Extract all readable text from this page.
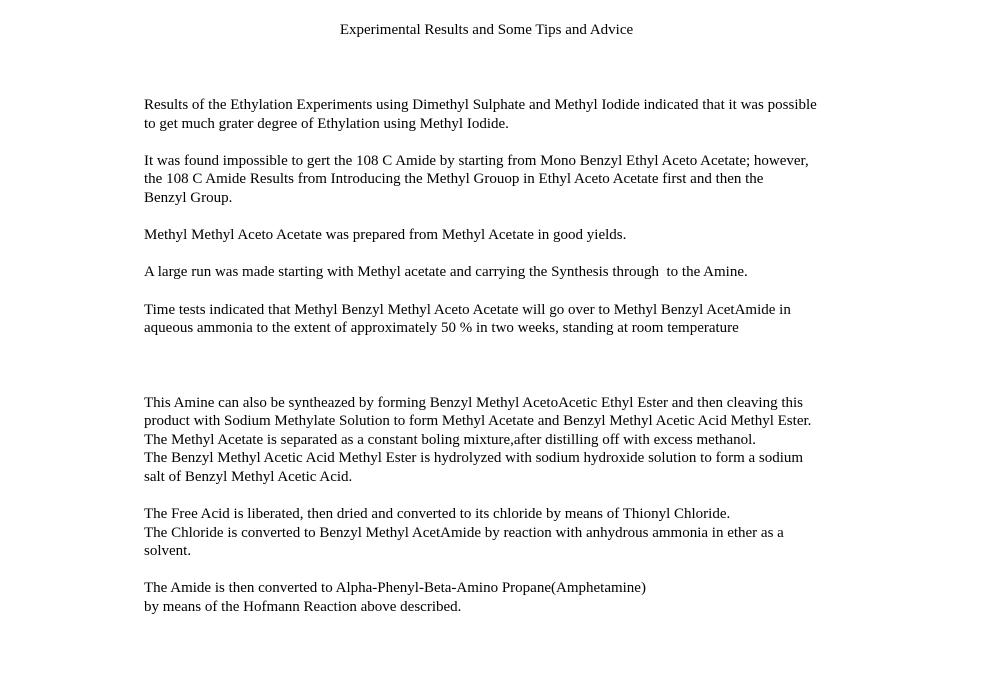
Experimental Results and Some Tips and Advice
Results of the Ethylation Experiments using Dimethyl Sulphate and Methyl Iodide indicated that it was possible
to get much grater degree of Ethylation using Methyl Iodide.
It was found impossible to gert the 108 C Amide by starting from Mono Benzyl Ethyl Aceto Acetate; however,
the 108 C Amide Results from Introducing the Methyl Grouop in Ethyl Aceto Acetate first and then the
Benzyl Group.
Methyl Methyl Aceto Acetate was prepared from Methyl Acetate in good yields.
A large run was made starting with Methyl acetate and carrying the Synthesis through  to the Amine.
Time tests indicated that Methyl Benzyl Methyl Aceto Acetate will go over to Methyl Benzyl AcetAmide in
aqueous ammonia to the extent of approximately 50 % in two weeks, standing at room temperature
This Amine can also be syntheazed by forming Benzyl Methyl AcetoAcetic Ethyl Ester and then cleaving this
product with Sodium Methylate Solution to form Methyl Acetate and Benzyl Methyl Acetic Acid Methyl Ester.
The Methyl Acetate is separated as a constant boling mixture,after distilling off with excess methanol.
The Benzyl Methyl Acetic Acid Methyl Ester is hydrolyzed with sodium hydroxide solution to form a sodium
salt of Benzyl Methyl Acetic Acid.
The Free Acid is liberated, then dried and converted to its chloride by means of Thionyl Chloride.
The Chloride is converted to Benzyl Methyl AcetAmide by reaction with anhydrous ammonia in ether as a
solvent.
The Amide is then converted to Alpha-Phenyl-Beta-Amino Propane(Amphetamine)
by means of the Hofmann Reaction above described.
